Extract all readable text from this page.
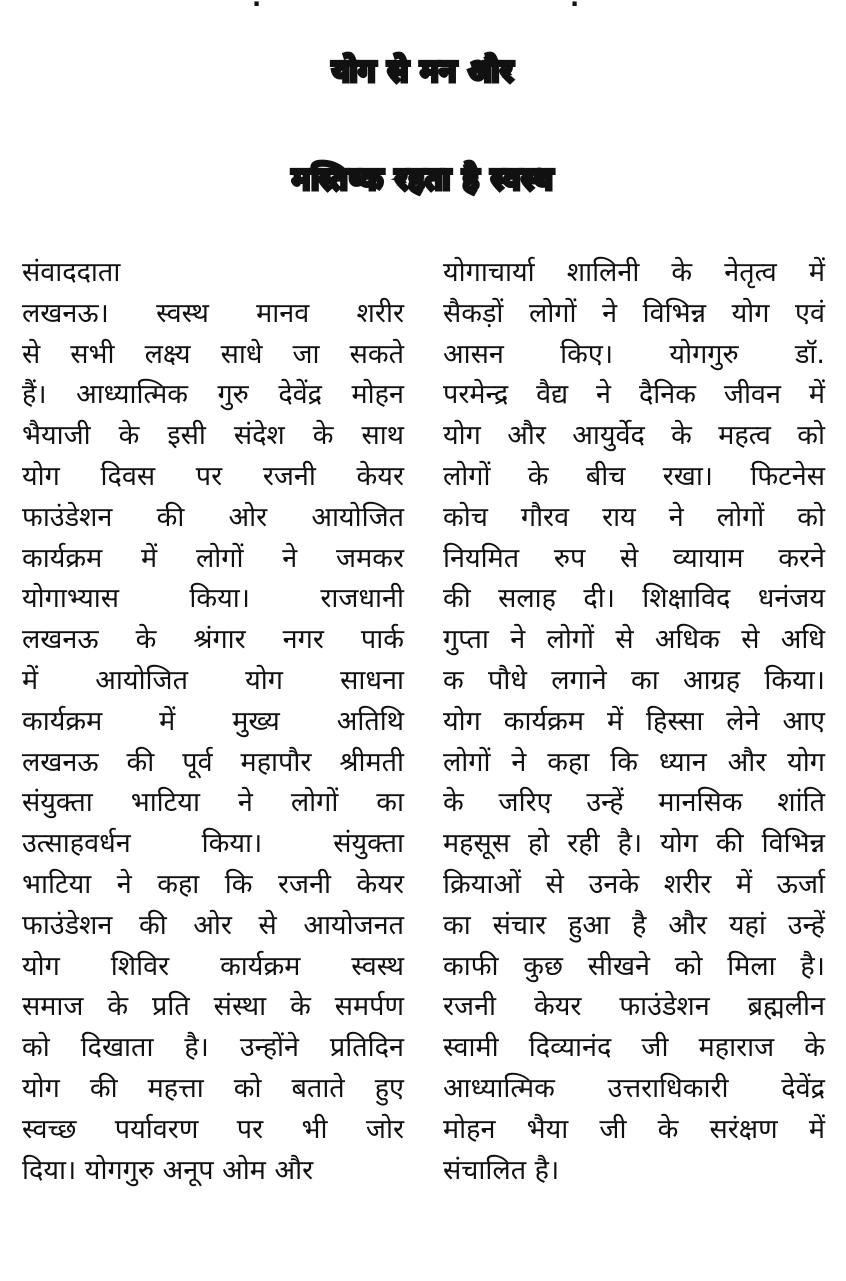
योग से मन और
मस्तिष्क रहता है स्वस्थ
संवाददाता
लखनऊ। स्वस्थ मानव शरीर
से सभी लक्ष्य साधे जा सकते
हैं। आध्यात्मिक गुरु देवेंद्र मोहन
भैयाजी के इसी संदेश के साथ
योग दिवस पर रजनी केयर
फाउंडेशन की ओर आयोजित
कार्यक्रम में लोगों ने जमकर
योगाभ्यास किया। राजधानी
लखनऊ के श्रंगार नगर पार्क
में आयोजित योग साधना
कार्यक्रम में मुख्य अतिथि
लखनऊ की पूर्व महापौर श्रीमती
संयुक्ता भाटिया ने लोगों का
उत्साहवर्धन किया। संयुक्ता
भाटिया ने कहा कि रजनी केयर
फाउंडेशन की ओर से आयोजनत
योग शिविर कार्यक्रम स्वस्थ
समाज के प्रति संस्था के समर्पण
को दिखाता है। उन्होंने प्रतिदिन
योग की महत्ता को बताते हुए
स्वच्छ पर्यावरण पर भी जोर
दिया। योगगुरु अनूप ओम और
योगाचार्या शालिनी के नेतृत्व में
सैकड़ों लोगों ने विभिन्न योग एवं
आसन किए। योगगुरु डॉ.
परमेन्द्र वैद्य ने दैनिक जीवन में
योग और आयुर्वेद के महत्व को
लोगों के बीच रखा। फिटनेस
कोच गौरव राय ने लोगों को
नियमित रुप से व्यायाम करने
की सलाह दी। शिक्षाविद धनंजय
गुप्ता ने लोगों से अधिक से अधि
क पौधे लगाने का आग्रह किया।
योग कार्यक्रम में हिस्सा लेने आए
लोगों ने कहा कि ध्यान और योग
के जरिए उन्हें मानसिक शांति
महसूस हो रही है। योग की विभिन्न
क्रियाओं से उनके शरीर में ऊर्जा
का संचार हुआ है और यहां उन्हें
काफी कुछ सीखने को मिला है।
रजनी केयर फाउंडेशन ब्रह्मलीन
स्वामी दिव्यानंद जी महाराज के
आध्यात्मिक उत्तराधिकारी देवेंद्र
मोहन भैया जी के सरंक्षण में
संचालित है।
